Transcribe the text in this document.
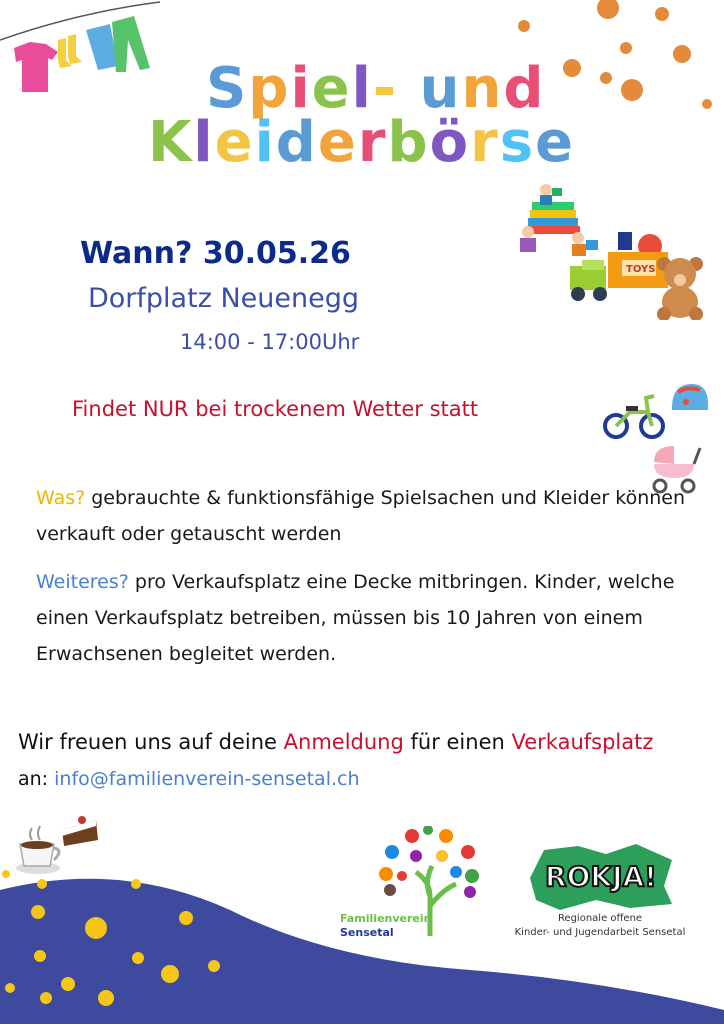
Spiel- und
Kleiderbörse
TOYS
Wann? 30.05.26
Dorfplatz Neuenegg
14:00 - 17:00Uhr
Findet NUR bei trockenem Wetter statt
Was? gebrauchte & funktionsfähige Spielsachen und Kleider können verkauft oder getauscht werden
Weiteres? pro Verkaufsplatz eine Decke mitbringen. Kinder, welche einen Verkaufsplatz betreiben, müssen bis 10 Jahren von einem Erwachsenen begleitet werden.
Wir freuen uns auf deine Anmeldung für einen Verkaufsplatz
an: info@familienverein-sensetal.ch
Familienverein
Sensetal
ROKJA!
Regionale offene
Kinder- und Jugendarbeit Sensetal
